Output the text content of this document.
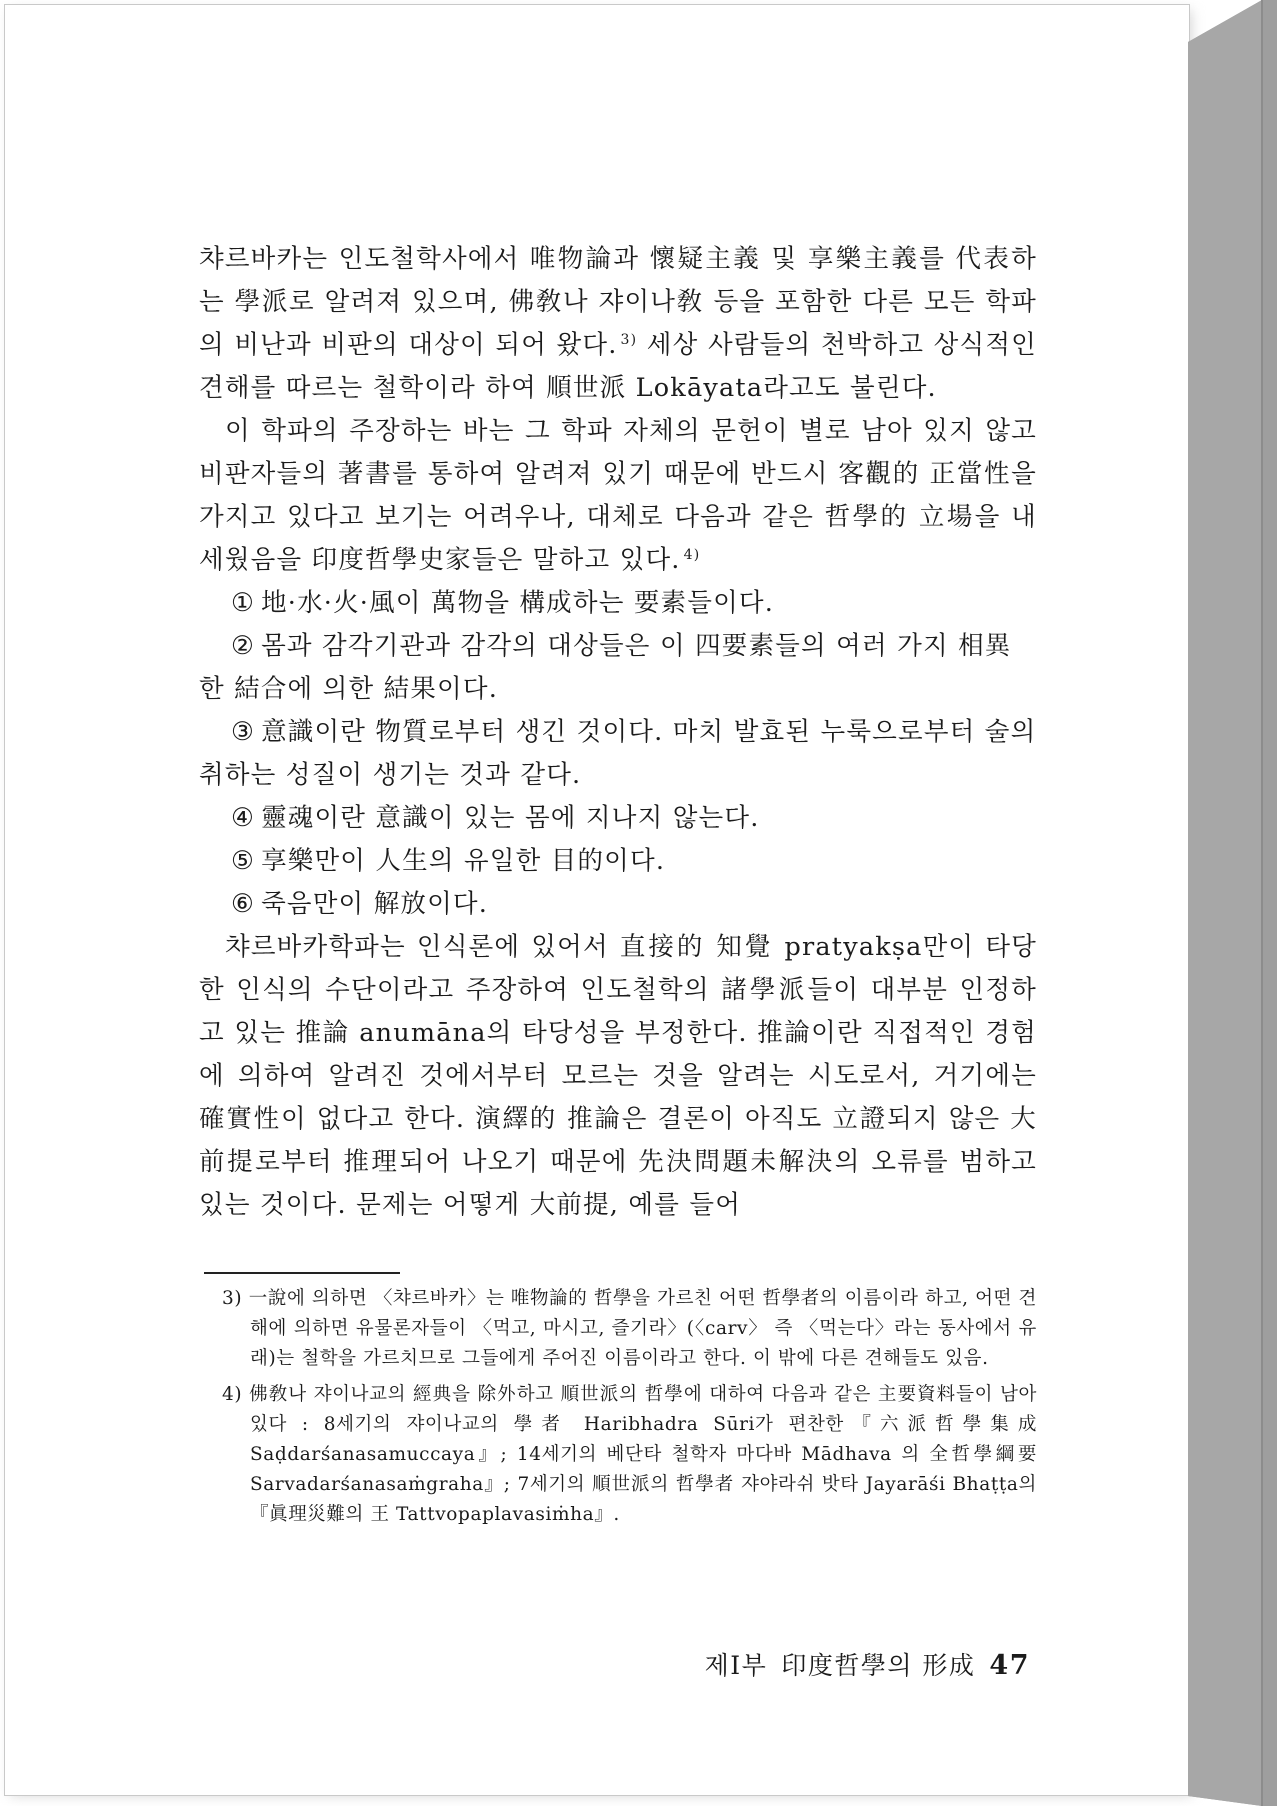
챠르바카는 인도철학사에서 唯物論과 懷疑主義 및 享樂主義를 代表하는 學派로 알려져 있으며, 佛敎나 쟈이나敎 등을 포함한 다른 모든 학파의 비난과 비판의 대상이 되어 왔다. $^{3)}$ 세상 사람들의 천박하고 상식적인 견해를 따르는 철학이라 하여 順世派 Lokāyata라고도 불린다.

이 학파의 주장하는 바는 그 학파 자체의 문헌이 별로 남아 있지 않고 비판자들의 著書를 통하여 알려져 있기 때문에 반드시 客觀的 正當性을 가지고 있다고 보기는 어려우나, 대체로 다음과 같은 哲學的 立場을 내세웠음을 印度哲學史家들은 말하고 있다. $^{4)}$

① 地·水·火·風이 萬物을 構成하는 要素들이다.

② 몸과 감각기관과 감각의 대상들은 이 四要素들의 여러 가지 相異한 結合에 의한 結果이다.

③ 意識이란 物質로부터 생긴 것이다. 마치 발효된 누룩으로부터 술의 취하는 성질이 생기는 것과 같다.

④ 靈魂이란 意識이 있는 몸에 지나지 않는다.

⑤ 享樂만이 人生의 유일한 目的이다.

⑥ 죽음만이 解放이다.

챠르바카학파는 인식론에 있어서 直接的 知覺 pratyakṣa만이 타당한 인식의 수단이라고 주장하여 인도철학의 諸學派들이 대부분 인정하고 있는 推論 anumāna의 타당성을 부정한다. 推論이란 직접적인 경험에 의하여 알려진 것에서부터 모르는 것을 알려는 시도로서, 거기에는 確實性이 없다고 한다. 演繹的 推論은 결론이 아직도 立證되지 않은 大前提로부터 推理되어 나오기 때문에 先決問題未解決의 오류를 범하고 있는 것이다. 문제는 어떻게 大前提, 예를 들어

3) 一說에 의하면 〈챠르바카〉는 唯物論的 哲學을 가르친 어떤 哲學者의 이름이라 하고, 어떤 견해에 의하면 유물론자들이 〈먹고, 마시고, 즐기라〉(〈carv〉 즉 〈먹는다〉라는 동사에서 유래)는 철학을 가르치므로 그들에게 주어진 이름이라고 한다. 이 밖에 다른 견해들도 있음.

4) 佛敎나 쟈이나교의 經典을 除外하고 順世派의 哲學에 대하여 다음과 같은 主要資料들이 남아 있다 : 8세기의 쟈이나교의 學者 Haribhadra Sūri가 편찬한『六派哲學集成 Saḍdarśanasamuccaya』; 14세기의 베단타 철학자 마다바 Mādhava 의 全哲學綱要 Sarvadarśanasaṁgraha』; 7세기의 順世派의 哲學者 쟈야라쉬 밧타 Jayarāśi Bhaṭṭa의『眞理災難의 王 Tattvopaplavasiṁha』.

제Ⅰ부 印度哲學의 形成 47
